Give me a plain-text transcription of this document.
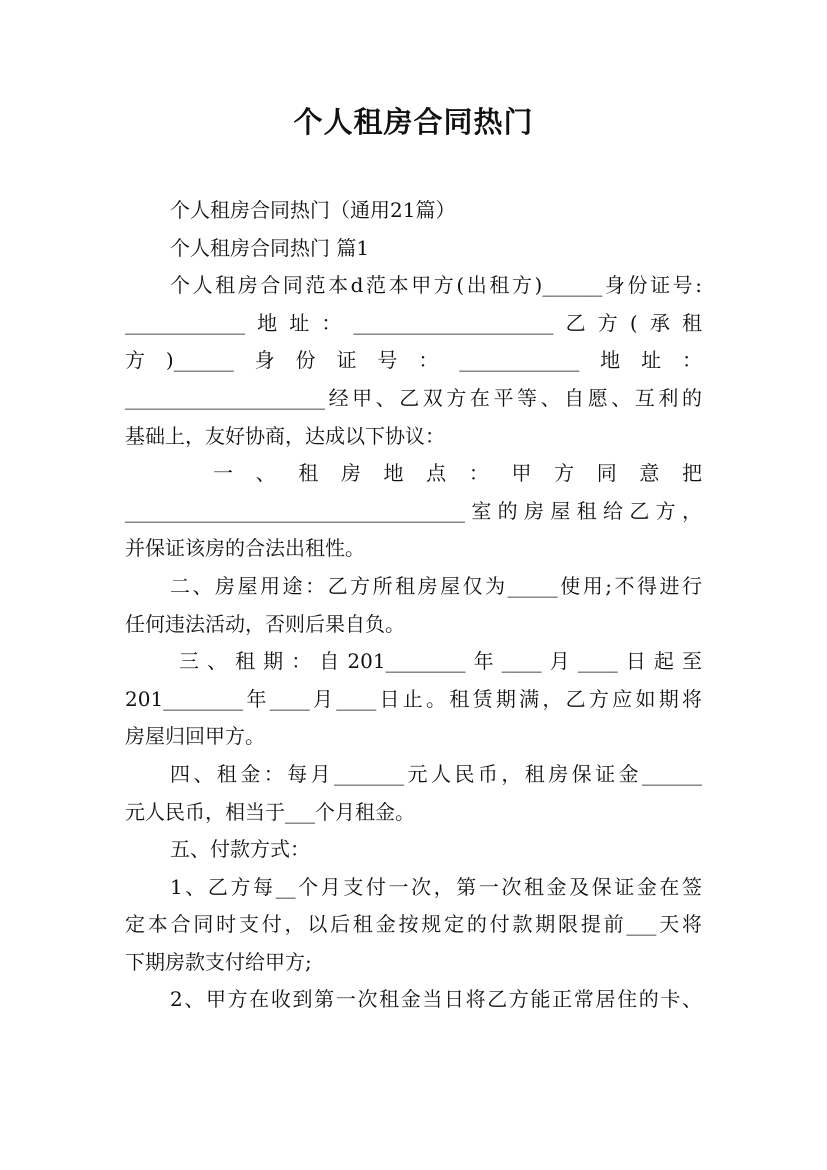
个人租房合同热门
个人租房合同热门（通用21篇）
个人租房合同热门 篇1
个人租房合同范本d范本甲方(出租方)______身份证号:
____________地址：____________________乙方(承租
方)______身份证号：____________地址：
____________________经甲、乙双方在平等、自愿、互利的
基础上，友好协商，达成以下协议：
一、租房地点：甲方同意把
__________________________________室的房屋租给乙方，
并保证该房的合法出租性。
二、房屋用途：乙方所租房屋仅为_____使用;不得进行
任何违法活动，否则后果自负。
三、租期：自201________年____月____日起至
201________年____月____日止。租赁期满，乙方应如期将
房屋归回甲方。
四、租金：每月_______元人民币，租房保证金______
元人民币，相当于___个月租金。
五、付款方式：
1、乙方每__个月支付一次，第一次租金及保证金在签
定本合同时支付，以后租金按规定的付款期限提前___天将
下期房款支付给甲方;
2、甲方在收到第一次租金当日将乙方能正常居住的卡、
